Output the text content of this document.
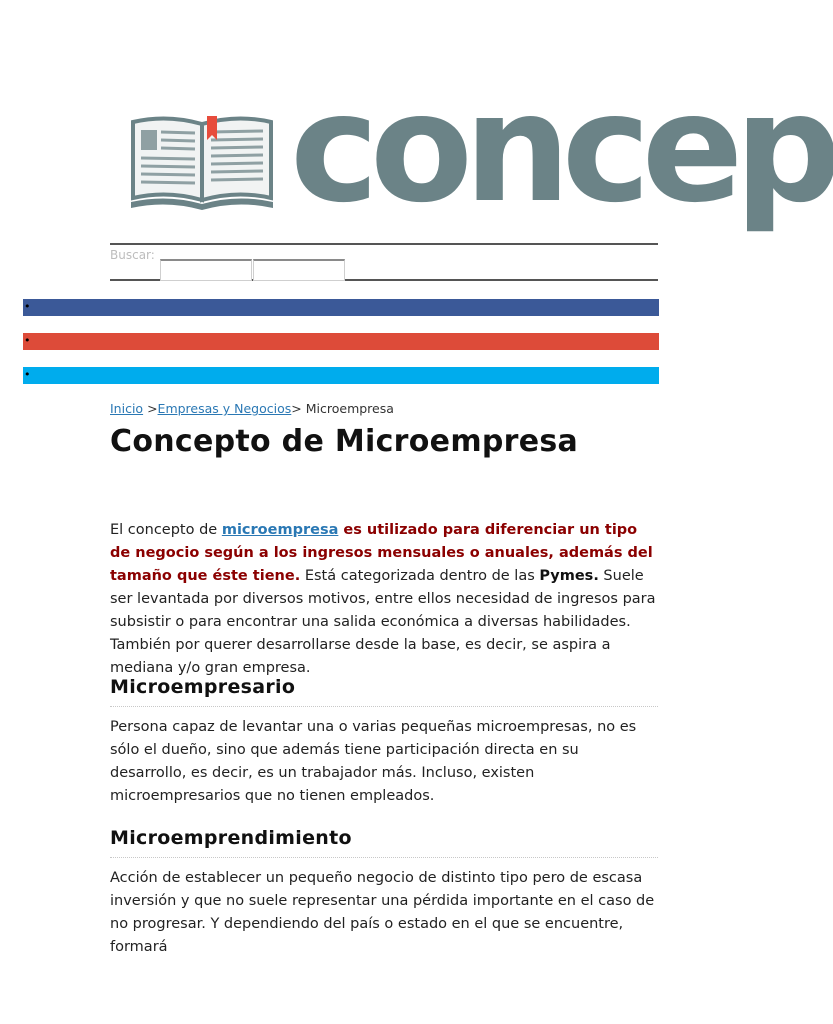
concep
Buscar:
•
•
•
Inicio >Empresas y Negocios> Microempresa
Concepto de Microempresa

El concepto de microempresa es utilizado para diferenciar un tipo de negocio según a los ingresos mensuales o anuales, además del tamaño que éste tiene. Está categorizada dentro de las Pymes. Suele ser levantada por diversos motivos, entre ellos necesidad de ingresos para subsistir o para encontrar una salida económica a diversas habilidades. También por querer desarrollarse desde la base, es decir, se aspira a mediana y/o gran empresa.

Microempresario

Persona capaz de levantar una o varias pequeñas microempresas, no es sólo el dueño, sino que además tiene participación directa en su desarrollo, es decir, es un trabajador más. Incluso, existen microempresarios que no tienen empleados.

Microemprendimiento

Acción de establecer un pequeño negocio de distinto tipo pero de escasa inversión y que no suele representar una pérdida importante en el caso de no progresar. Y dependiendo del país o estado en el que se encuentre, formará
